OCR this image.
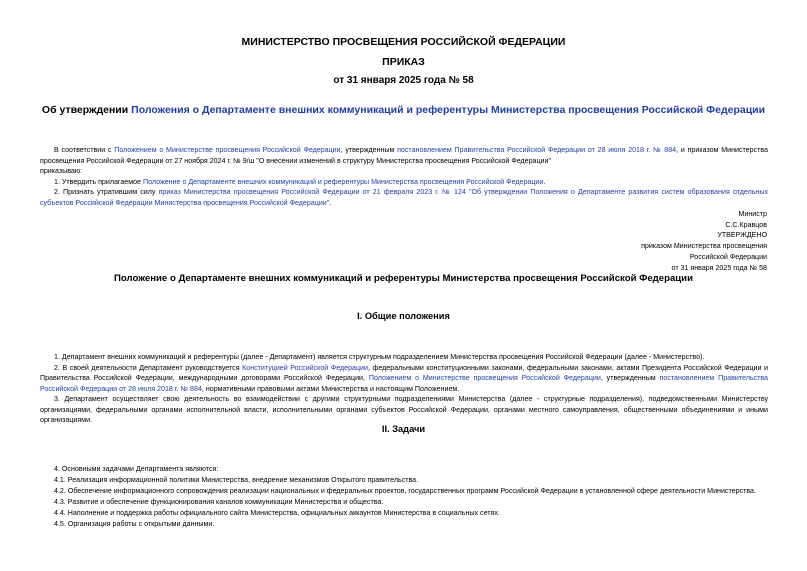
МИНИСТЕРСТВО ПРОСВЕЩЕНИЯ РОССИЙСКОЙ ФЕДЕРАЦИИ
ПРИКАЗ
от 31 января 2025 года № 58
Об утверждении Положения о Департаменте внешних коммуникаций и референтуры Министерства просвещения Российской Федерации
В соответствии с Положением о Министерстве просвещения Российской Федерации, утвержденным постановлением Правительства Российской Федерации от 28 июля 2018 г. № 884, и приказом Министерства просвещения Российской Федерации от 27 ноября 2024 г. № 9/ш "О внесении изменений в структуру Министерства просвещения Российской Федерации"
приказываю:
1. Утвердить прилагаемое Положение о Департаменте внешних коммуникаций и референтуры Министерства просвещения Российской Федерации.
2. Признать утратившим силу приказ Министерства просвещения Российской Федерации от 21 февраля 2023 г. № 124 "Об утверждении Положения о Департаменте развития систем образования отдельных субъектов Российской Федерации Министерства просвещения Российской Федерации".
Министр
С.С.Кравцов
УТВЕРЖДЕНО
приказом Министерства просвещения
Российской Федерации
от 31 января 2025 года № 58
Положение о Департаменте внешних коммуникаций и референтуры Министерства просвещения Российской Федерации
I. Общие положения
1. Департамент внешних коммуникаций и референтуры (далее - Департамент) является структурным подразделением Министерства просвещения Российской Федерации (далее - Министерство).
2. В своей деятельности Департамент руководствуется Конституцией Российской Федерации, федеральными конституционными законами, федеральными законами, актами Президента Российской Федерации и Правительства Российской Федерации, международными договорами Российской Федерации, Положением о Министерстве просвещения Российской Федерации, утвержденным постановлением Правительства Российской Федерации от 28 июля 2018 г. № 884, нормативными правовыми актами Министерства и настоящим Положением.
3. Департамент осуществляет свою деятельность во взаимодействии с другими структурными подразделениями Министерства (далее - структурные подразделения), подведомственными Министерству организациями, федеральными органами исполнительной власти, исполнительными органами субъектов Российской Федерации, органами местного самоуправления, общественными объединениями и иными организациями.
II. Задачи
4. Основными задачами Департамента являются:
4.1. Реализация информационной политики Министерства, внедрение механизмов Открытого правительства.
4.2. Обеспечение информационного сопровождения реализации национальных и федеральных проектов, государственных программ Российской Федерации в установленной сфере деятельности Министерства.
4.3. Развитие и обеспечение функционирования каналов коммуникации Министерства и общества.
4.4. Наполнение и поддержка работы официального сайта Министерства, официальных аккаунтов Министерства в социальных сетях.
4.5. Организация работы с открытыми данными.
